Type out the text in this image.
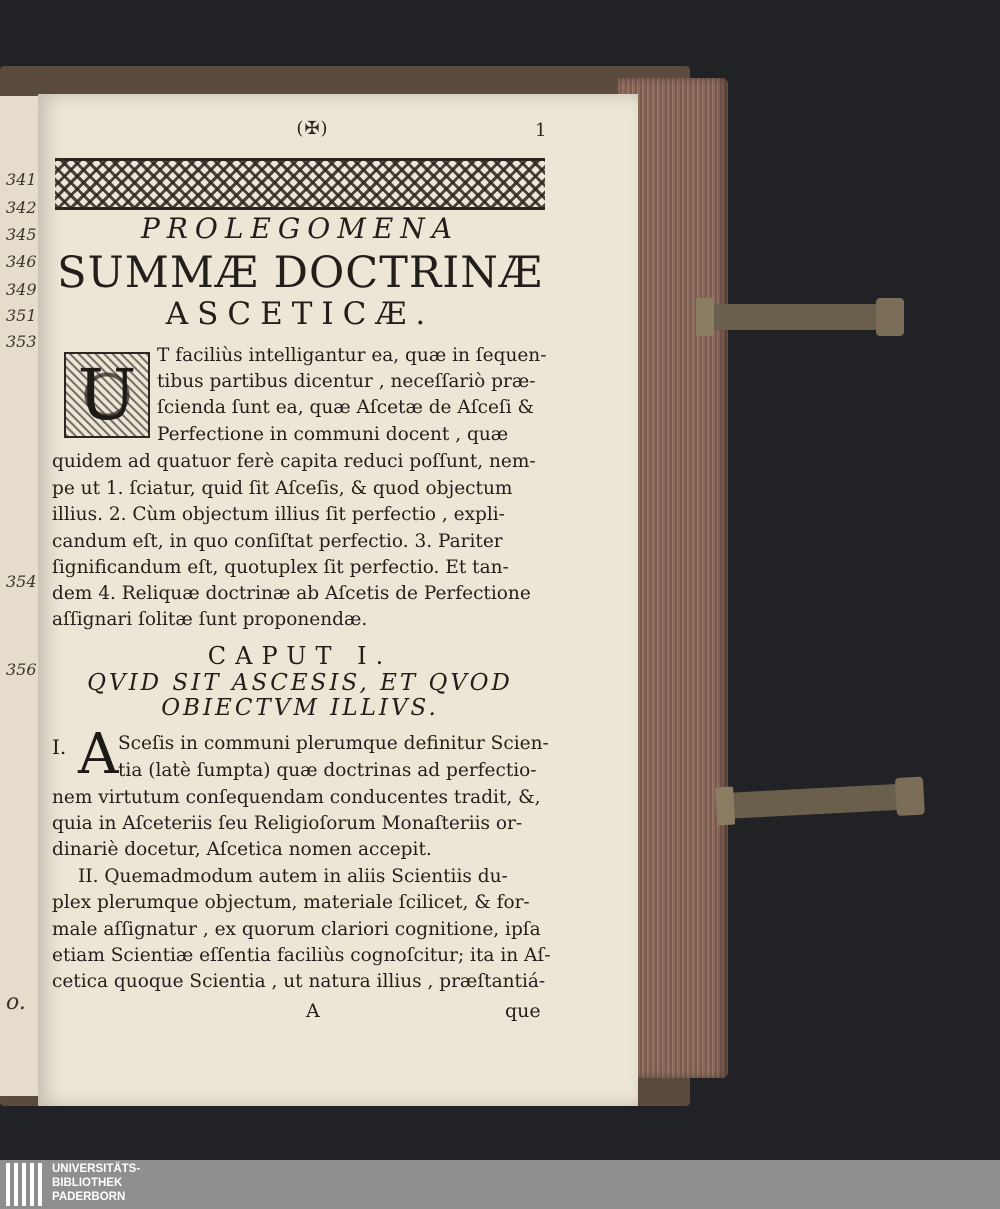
341
342
345
346
349
351
353
354
356
o.
1
(✠)
PROLEGOMENA
SUMMÆ DOCTRINÆ
ASCETICÆ.
U	T faciliùs intelligantur ea, quæ in ſequen-
tibus partibus dicentur , neceſſariò præ-
ſcienda ſunt ea, quæ Aſcetæ de Aſceſi &
Perfectione in communi docent , quæ
quidem ad quatuor ferè capita reduci poſſunt, nem-
pe ut 1. ſciatur, quid ſit Aſceſis, & quod objectum
illius. 2. Cùm objectum illius ſit perfectio , expli-
candum eſt, in quo conſiſtat perfectio. 3. Pariter
ſignificandum eſt, quotuplex ſit perfectio. Et tan-
dem 4. Reliquæ doctrinæ ab Aſcetis de Perfectione
aſſignari ſolitæ ſunt proponendæ.
CAPUT I.
QVID SIT ASCESIS, ET QVOD
OBIECTVM ILLIVS.
I. A Sceſis in communi plerumque definitur Scien-
tia (latè ſumpta) quæ doctrinas ad perfectio-
nem virtutum conſequendam conducentes tradit, &,
quia in Aſceteriis ſeu Religioſorum Monaſteriis or-
dinariè docetur, Aſcetica nomen accepit.
II. Quemadmodum autem in aliis Scientiis du-
plex plerumque objectum, materiale ſcilicet, & for-
male aſſignatur , ex quorum clariori cognitione, ipſa
etiam Scientiæ eſſentia faciliùs cognoſcitur; ita in Aſ-
cetica quoque Scientia , ut natura illius , præſtantiá-
A	que
UNIVERSITÄTS-
BIBLIOTHEK
PADERBORN
